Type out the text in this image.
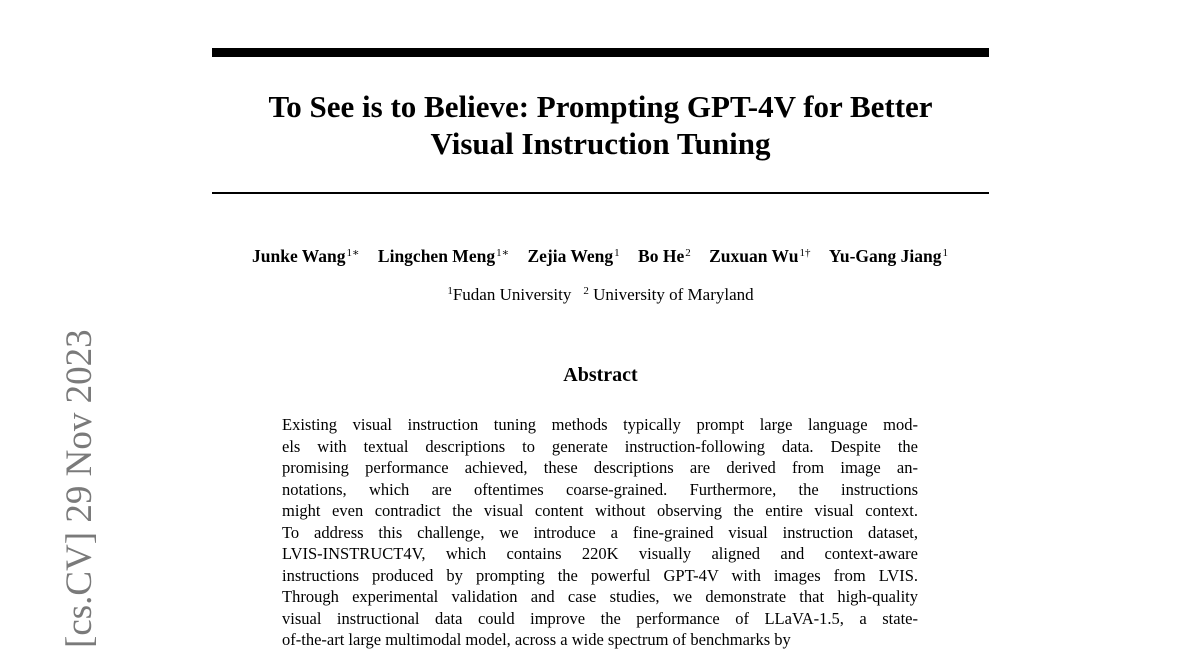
[cs.CV] 29 Nov 2023
To See is to Believe: Prompting GPT-4V for Better
Visual Instruction Tuning
Junke Wang$^{1∗}$ Lingchen Meng$^{1∗}$ Zejia Weng$^1$ Bo He$^2$ Zuxuan $Wu^{1\dagger}$ Yu-Gang Jiang$^1$
$^1$Fudan University $^2$ University of Maryland
Abstract
Existing visual instruction tuning methods typically prompt large language mod-
els with textual descriptions to generate instruction-following data. Despite the
promising performance achieved, these descriptions are derived from image an-
notations, which are oftentimes coarse-grained. Furthermore, the instructions
might even contradict the visual content without observing the entire visual context.
To address this challenge, we introduce a fine-grained visual instruction dataset,
LVIS-INSTRUCT4V, which contains 220K visually aligned and context-aware
instructions produced by prompting the powerful GPT-4V with images from LVIS.
Through experimental validation and case studies, we demonstrate that high-quality
visual instructional data could improve the performance of LLaVA-1.5, a state-
of-the-art large multimodal model, across a wide spectrum of benchmarks by
